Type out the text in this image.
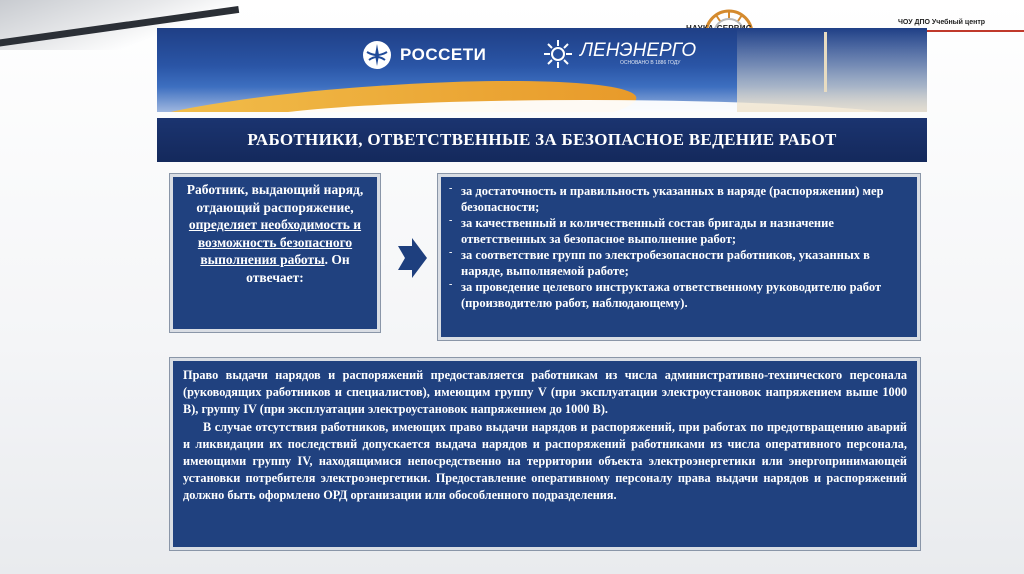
ЧОУ ДПО Учебный центр
РОССЕТИ	ЛЕНЭНЕРГО
ОСНОВАНО В 1886 ГОДУ
РАБОТНИКИ, ОТВЕТСТВЕННЫЕ ЗА БЕЗОПАСНОЕ ВЕДЕНИЕ РАБОТ
Работник, выдающий наряд, отдающий распоряжение, определяет необходимость и возможность безопасного выполнения работы. Он отвечает:
‐ за достаточность и правильность указанных в наряде (распоряжении) мер безопасности;
‐ за качественный и количественный состав бригады и назначение ответственных за безопасное выполнение работ;
‐ за соответствие групп по электробезопасности работников, указанных в наряде, выполняемой работе;
‐ за проведение целевого инструктажа ответственному руководителю работ (производителю работ, наблюдающему).

Право выдачи нарядов и распоряжений предоставляется работникам из числа административно-технического персонала (руководящих работников и специалистов), имеющим группу V (при эксплуатации электроустановок напряжением выше 1000 В), группу IV (при эксплуатации электроустановок напряжением до 1000 В).

В случае отсутствия работников, имеющих право выдачи нарядов и распоряжений, при работах по предотвращению аварий и ликвидации их последствий допускается выдача нарядов и распоряжений работниками из числа оперативного персонала, имеющими группу IV, находящимися непосредственно на территории объекта электроэнергетики или энергопринимающей установки потребителя электроэнергетики. Предоставление оперативному персоналу права выдачи нарядов и распоряжений должно быть оформлено ОРД организации или обособленного подразделения.
